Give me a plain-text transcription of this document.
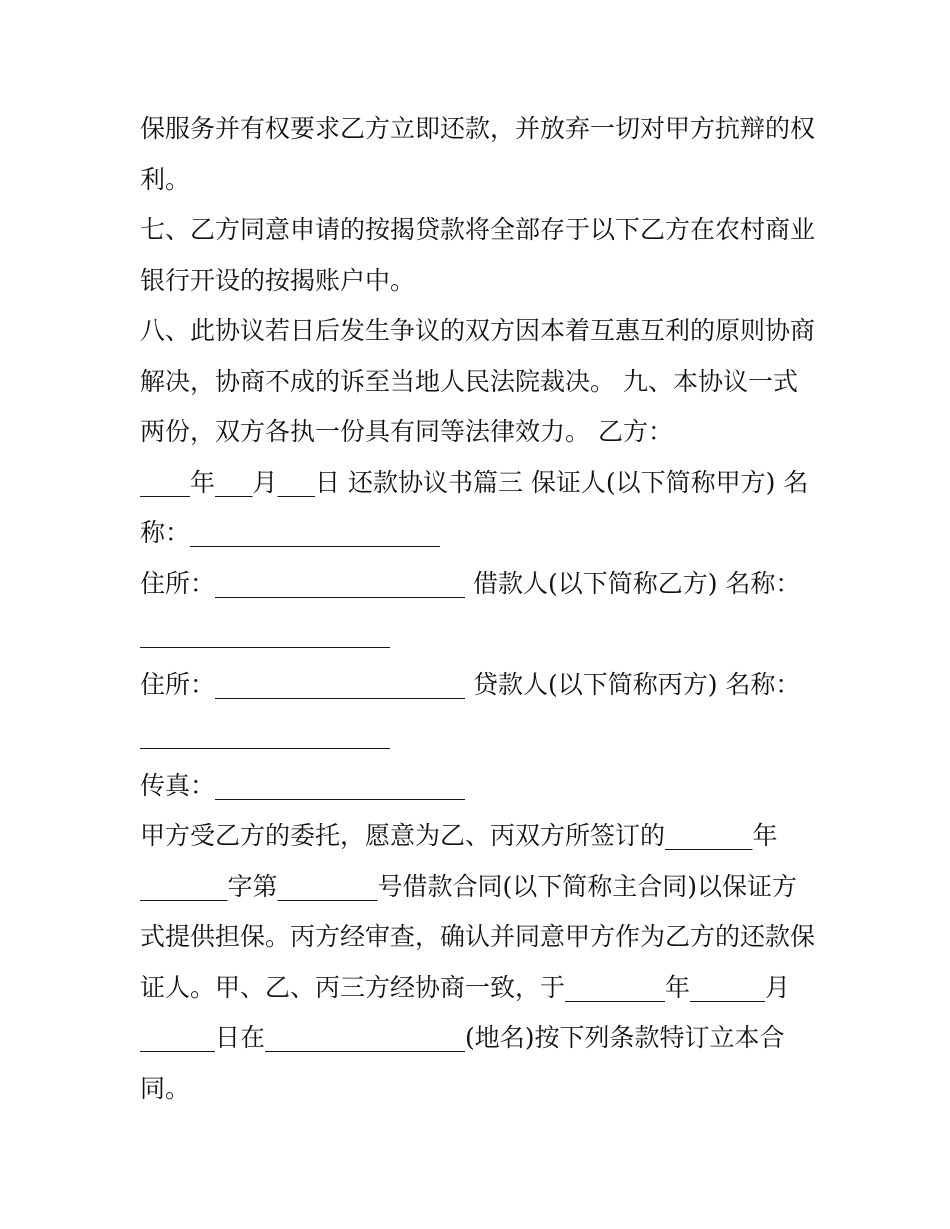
保服务并有权要求乙方立即还款，并放弃一切对甲方抗辩的权
利。
七、乙方同意申请的按揭贷款将全部存于以下乙方在农村商业
银行开设的按揭账户中。
八、此协议若日后发生争议的双方因本着互惠互利的原则协商
解决，协商不成的诉至当地人民法院裁决。 九、本协议一式
两份，双方各执一份具有同等法律效力。 乙方：
____年___月___日 还款协议书篇三 保证人(以下简称甲方) 名
称：____________________
住所：____________________ 借款人(以下简称乙方) 名称：
____________________
住所：____________________ 贷款人(以下简称丙方) 名称：
____________________
传真：____________________
甲方受乙方的委托，愿意为乙、丙双方所签订的_______年
_______字第________号借款合同(以下简称主合同)以保证方
式提供担保。丙方经审查，确认并同意甲方作为乙方的还款保
证人。甲、乙、丙三方经协商一致，于________年______月
______日在________________(地名)按下列条款特订立本合
同。
